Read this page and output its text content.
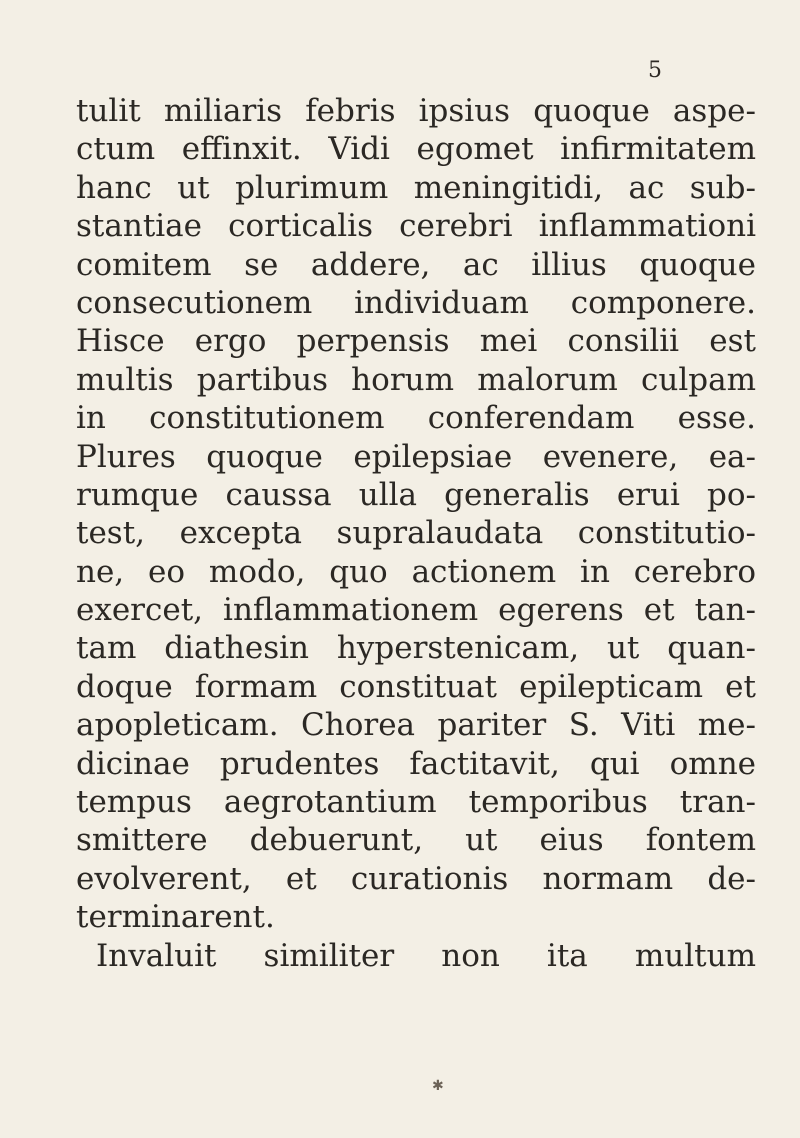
5
tulit miliaris febris ipsius quoque aspe-
ctum effinxit. Vidi egomet infirmitatem
hanc ut plurimum meningitidi, ac sub-
stantiae corticalis cerebri inflammationi
comitem se addere, ac illius quoque
consecutionem individuam componere.
Hisce ergo perpensis mei consilii est
multis partibus horum malorum culpam
in constitutionem conferendam esse.
Plures quoque epilepsiae evenere, ea-
rumque caussa ulla generalis erui po-
test, excepta supralaudata constitutio-
ne, eo modo, quo actionem in cerebro
exercet, inflammationem egerens et tan-
tam diathesin hyperstenicam, ut quan-
doque formam constituat epilepticam et
apopleticam. Chorea pariter S. Viti me-
dicinae prudentes factitavit, qui omne
tempus aegrotantium temporibus tran-
smittere debuerunt, ut eius fontem
evolverent, et curationis normam de-
terminarent.
Invaluit similiter non ita multum
✱
